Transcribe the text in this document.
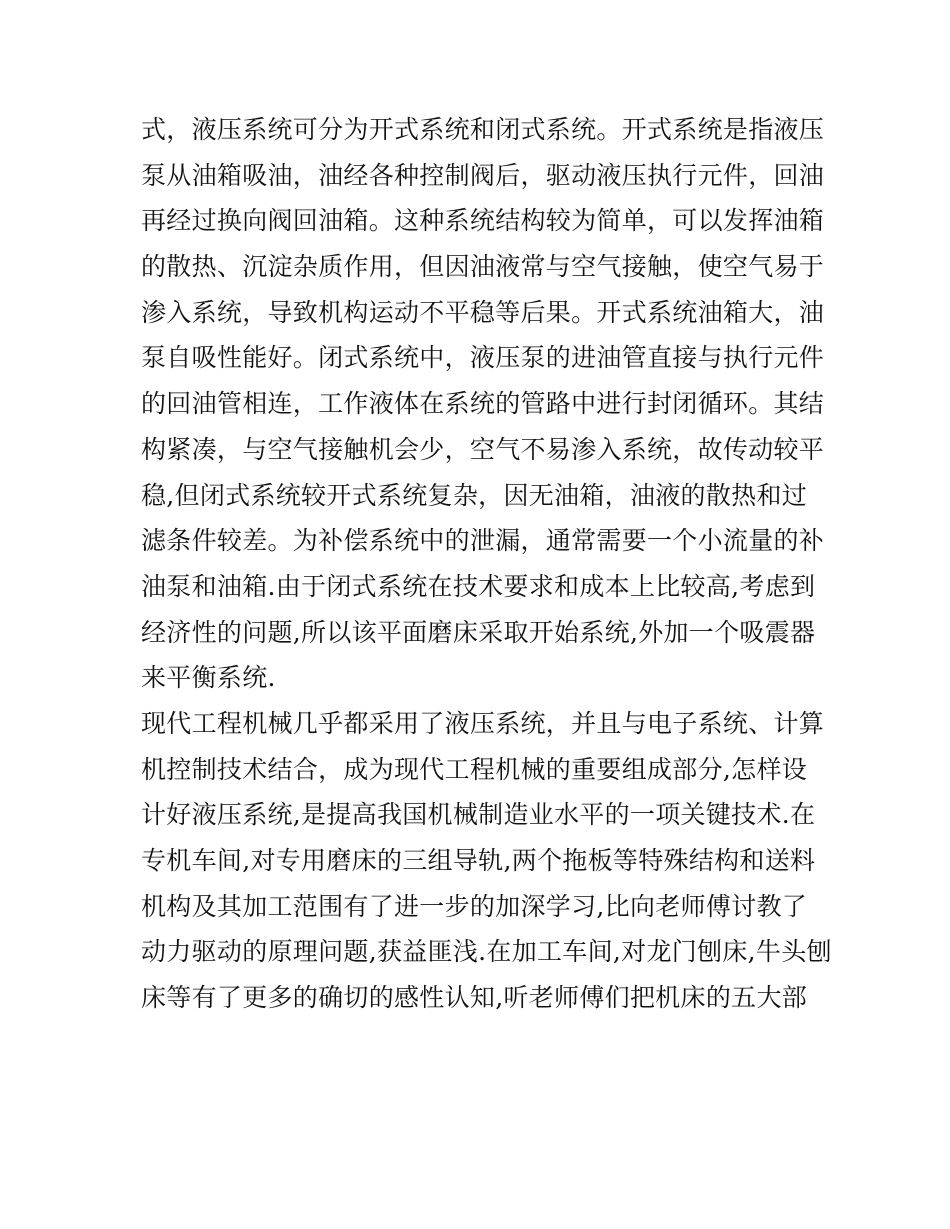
式，液压系统可分为开式系统和闭式系统。开式系统是指液压
泵从油箱吸油，油经各种控制阀后，驱动液压执行元件，回油
再经过换向阀回油箱。这种系统结构较为简单，可以发挥油箱
的散热、沉淀杂质作用，但因油液常与空气接触，使空气易于
渗入系统，导致机构运动不平稳等后果。开式系统油箱大，油
泵自吸性能好。闭式系统中，液压泵的进油管直接与执行元件
的回油管相连，工作液体在系统的管路中进行封闭循环。其结
构紧凑，与空气接触机会少，空气不易渗入系统，故传动较平
稳,但闭式系统较开式系统复杂，因无油箱，油液的散热和过
滤条件较差。为补偿系统中的泄漏，通常需要一个小流量的补
油泵和油箱.由于闭式系统在技术要求和成本上比较高,考虑到
经济性的问题,所以该平面磨床采取开始系统,外加一个吸震器
来平衡系统.
现代工程机械几乎都采用了液压系统，并且与电子系统、计算
机控制技术结合，成为现代工程机械的重要组成部分,怎样设
计好液压系统,是提高我国机械制造业水平的一项关键技术.在
专机车间,对专用磨床的三组导轨,两个拖板等特殊结构和送料
机构及其加工范围有了进一步的加深学习,比向老师傅讨教了
动力驱动的原理问题,获益匪浅.在加工车间,对龙门刨床,牛头刨
床等有了更多的确切的感性认知,听老师傅们把机床的五大部
